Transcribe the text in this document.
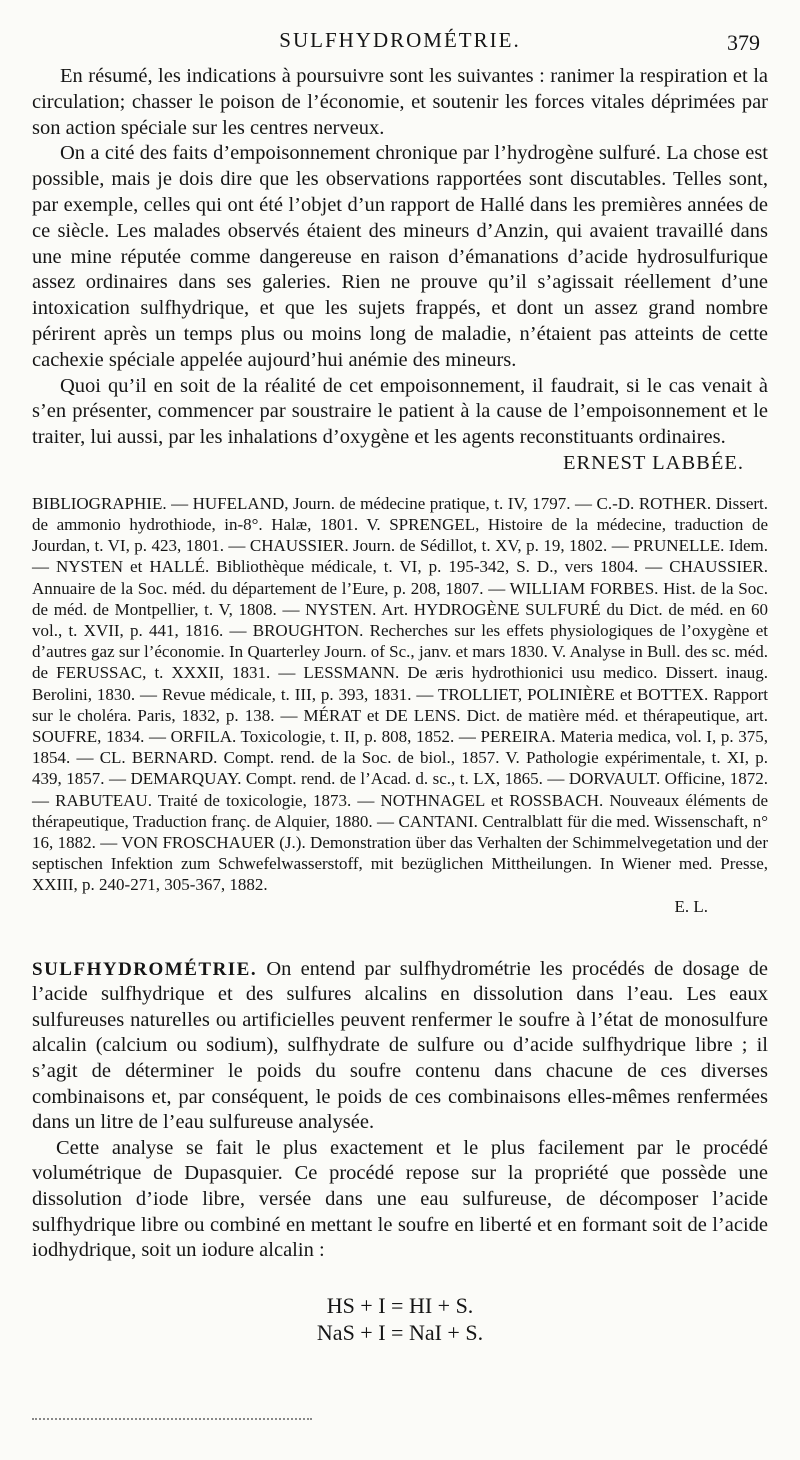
SULFHYDROMÉTRIE.	379

En résumé, les indications à poursuivre sont les suivantes : ranimer la respiration et la circulation; chasser le poison de l’économie, et soutenir les forces vitales déprimées par son action spéciale sur les centres nerveux.

On a cité des faits d’empoisonnement chronique par l’hydrogène sulfuré. La chose est possible, mais je dois dire que les observations rapportées sont discutables. Telles sont, par exemple, celles qui ont été l’objet d’un rapport de Hallé dans les premières années de ce siècle. Les malades observés étaient des mineurs d’Anzin, qui avaient travaillé dans une mine réputée comme dangereuse en raison d’émanations d’acide hydrosulfurique assez ordinaires dans ses galeries. Rien ne prouve qu’il s’agissait réellement d’une intoxication sulfhydrique, et que les sujets frappés, et dont un assez grand nombre périrent après un temps plus ou moins long de maladie, n’étaient pas atteints de cette cachexie spéciale appelée aujourd’hui anémie des mineurs.

Quoi qu’il en soit de la réalité de cet empoisonnement, il faudrait, si le cas venait à s’en présenter, commencer par soustraire le patient à la cause de l’empoisonnement et le traiter, lui aussi, par les inhalations d’oxygène et les agents reconstituants ordinaires.

ERNEST LABBÉE.

BIBLIOGRAPHIE. — HUFELAND, Journ. de médecine pratique, t. IV, 1797. — C.-D. ROTHER. Dissert. de ammonio hydrothiode, in-8°. Halæ, 1801. V. SPRENGEL, Histoire de la médecine, traduction de Jourdan, t. VI, p. 423, 1801. — CHAUSSIER. Journ. de Sédillot, t. XV, p. 19, 1802. — PRUNELLE. Idem. — NYSTEN et HALLÉ. Bibliothèque médicale, t. VI, p. 195-342, S. D., vers 1804. — CHAUSSIER. Annuaire de la Soc. méd. du département de l’Eure, p. 208, 1807. — WILLIAM FORBES. Hist. de la Soc. de méd. de Montpellier, t. V, 1808. — NYSTEN. Art. HYDROGÈNE SULFURÉ du Dict. de méd. en 60 vol., t. XVII, p. 441, 1816. — BROUGHTON. Recherches sur les effets physiologiques de l’oxygène et d’autres gaz sur l’économie. In Quarterley Journ. of Sc., janv. et mars 1830. V. Analyse in Bull. des sc. méd. de FERUSSAC, t. XXXII, 1831. — LESSMANN. De æris hydrothionici usu medico. Dissert. inaug. Berolini, 1830. — Revue médicale, t. III, p. 393, 1831. — TROLLIET, POLINIÈRE et BOTTEX. Rapport sur le choléra. Paris, 1832, p. 138. — MÉRAT et DE LENS. Dict. de matière méd. et thérapeutique, art. SOUFRE, 1834. — ORFILA. Toxicologie, t. II, p. 808, 1852. — PEREIRA. Materia medica, vol. I, p. 375, 1854. — CL. BERNARD. Compt. rend. de la Soc. de biol., 1857. V. Pathologie expérimentale, t. XI, p. 439, 1857. — DEMARQUAY. Compt. rend. de l’Acad. d. sc., t. LX, 1865. — DORVAULT. Officine, 1872. — RABUTEAU. Traité de toxicologie, 1873. — NOTHNAGEL et ROSSBACH. Nouveaux éléments de thérapeutique, Traduction franç. de Alquier, 1880. — CANTANI. Centralblatt für die med. Wissenschaft, n° 16, 1882. — VON FROSCHAUER (J.). Demonstration über das Verhalten der Schimmelvegetation und der septischen Infektion zum Schwefelwasserstoff, mit bezüglichen Mittheilungen. In Wiener med. Presse, XXIII, p. 240-271, 305-367, 1882.

E. L.

SULFHYDROMÉTRIE. On entend par sulfhydrométrie les procédés de dosage de l’acide sulfhydrique et des sulfures alcalins en dissolution dans l’eau. Les eaux sulfureuses naturelles ou artificielles peuvent renfermer le soufre à l’état de monosulfure alcalin (calcium ou sodium), sulfhydrate de sulfure ou d’acide sulfhydrique libre ; il s’agit de déterminer le poids du soufre contenu dans chacune de ces diverses combinaisons et, par conséquent, le poids de ces combinaisons elles-mêmes renfermées dans un litre de l’eau sulfureuse analysée.

Cette analyse se fait le plus exactement et le plus facilement par le procédé volumétrique de Dupasquier. Ce procédé repose sur la propriété que possède une dissolution d’iode libre, versée dans une eau sulfureuse, de décomposer l’acide sulfhydrique libre ou combiné en mettant le soufre en liberté et en formant soit de l’acide iodhydrique, soit un iodure alcalin :

HS + I = HI + S.
NaS + I = NaI + S.
